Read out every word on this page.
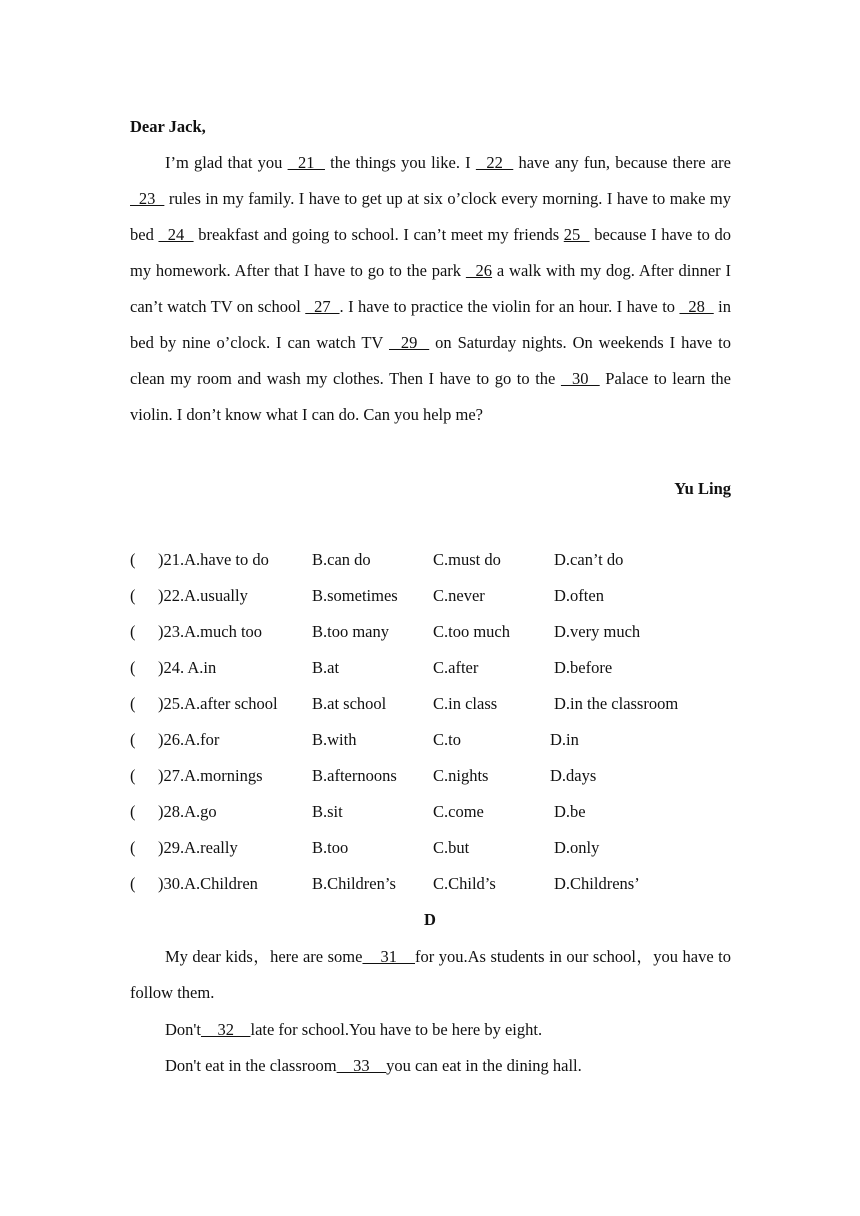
Dear Jack,

I’m glad that you   21   the things you like. I   22   have any fun, because there are   23   rules in my family. I have to get up at six o’clock every morning. I have to make my bed   24   breakfast and going to school. I can’t meet my friends 25   because I have to do my homework. After that I have to go to the park   26 a walk with my dog. After dinner I can’t watch TV on school   27  . I have to practice the violin for an hour. I have to   28   in bed by nine o’clock. I can watch TV   29   on Saturday nights. On weekends I have to clean my room and wash my clothes. Then I have to go to the   30   Palace to learn the violin. I don’t know what I can do. Can you help me?

Yu Ling
( )21.A.have to do	B.can do	C.must do	D.can’t do
( )22.A.usually	B.sometimes C.never	D.often
( )23.A.much too	B.too many	C.too much	D.very much
( )24. A.in	B.at	C.after	D.before
( )25.A.after school B.at school	C.in class	D.in the classroom
( )26.A.for	B.with	C.to	D.in
( )27.A.mornings	B.afternoons C.nights	D.days
( )28.A.go	B.sit	C.come	D.be
( )29.A.really	B.too	C.but	D.only
( )30.A.Children	B.Children’s C.Child’s	D.Childrens’
D

My dear kids，here are some    31    for you.As students in our school，you have to follow them.

Don't    32    late for school.You have to be here by eight.

Don't eat in the classroom    33    you can eat in the dining hall.
